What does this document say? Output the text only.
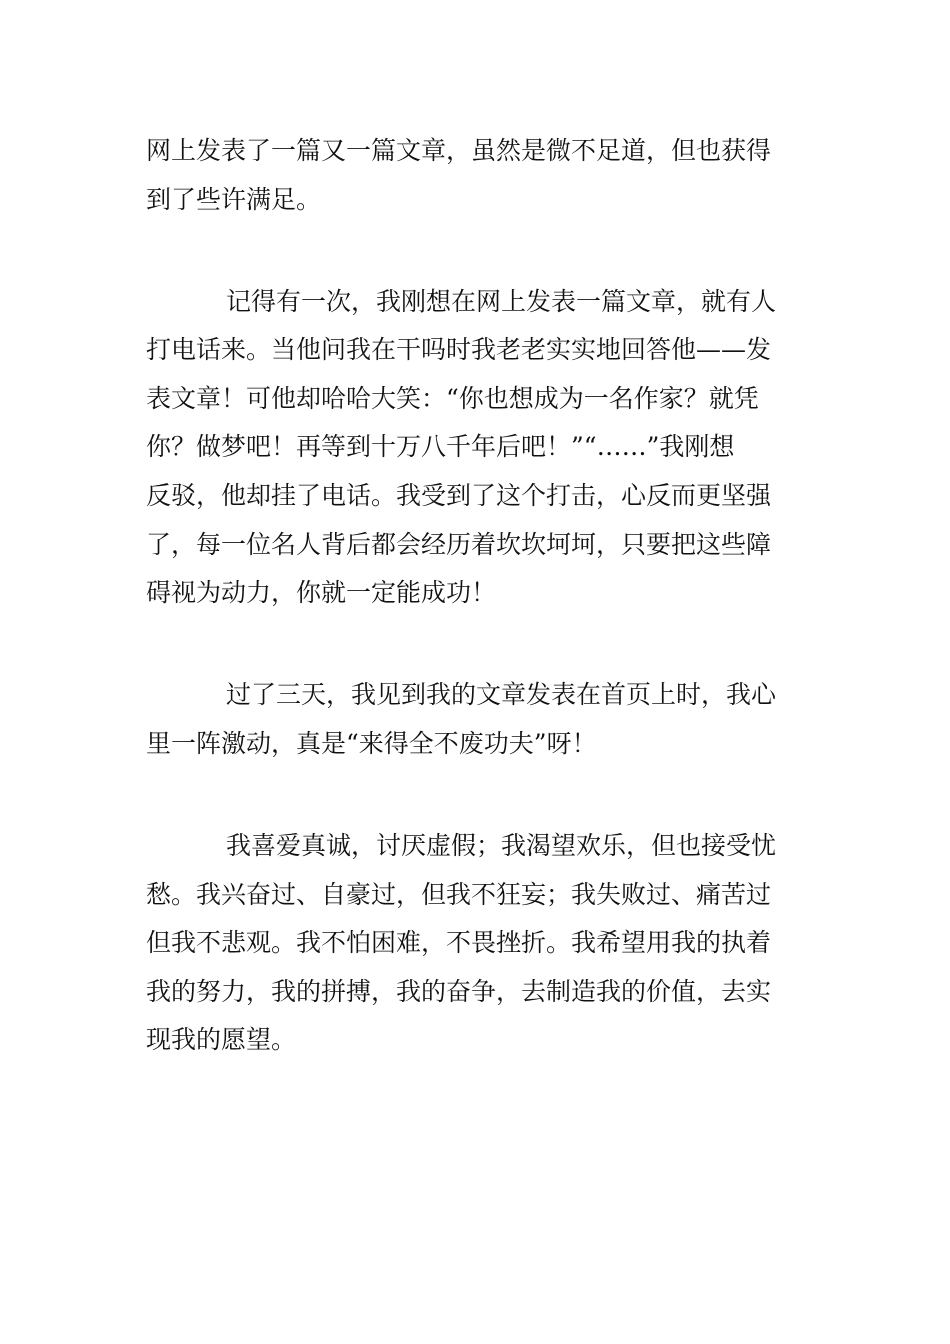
网上发表了一篇又一篇文章，虽然是微不足道，但也获得
到了些许满足。
记得有一次，我刚想在网上发表一篇文章，就有人
打电话来。当他问我在干吗时我老老实实地回答他——发
表文章！可他却哈哈大笑：“你也想成为一名作家？就凭
你？做梦吧！再等到十万八千年后吧！”“……”我刚想
反驳，他却挂了电话。我受到了这个打击，心反而更坚强
了，每一位名人背后都会经历着坎坎坷坷，只要把这些障
碍视为动力，你就一定能成功！
过了三天，我见到我的文章发表在首页上时，我心
里一阵激动，真是“来得全不废功夫”呀！
我喜爱真诚，讨厌虚假；我渴望欢乐，但也接受忧
愁。我兴奋过、自豪过，但我不狂妄；我失败过、痛苦过
但我不悲观。我不怕困难，不畏挫折。我希望用我的执着
我的努力，我的拼搏，我的奋争，去制造我的价值，去实
现我的愿望。
